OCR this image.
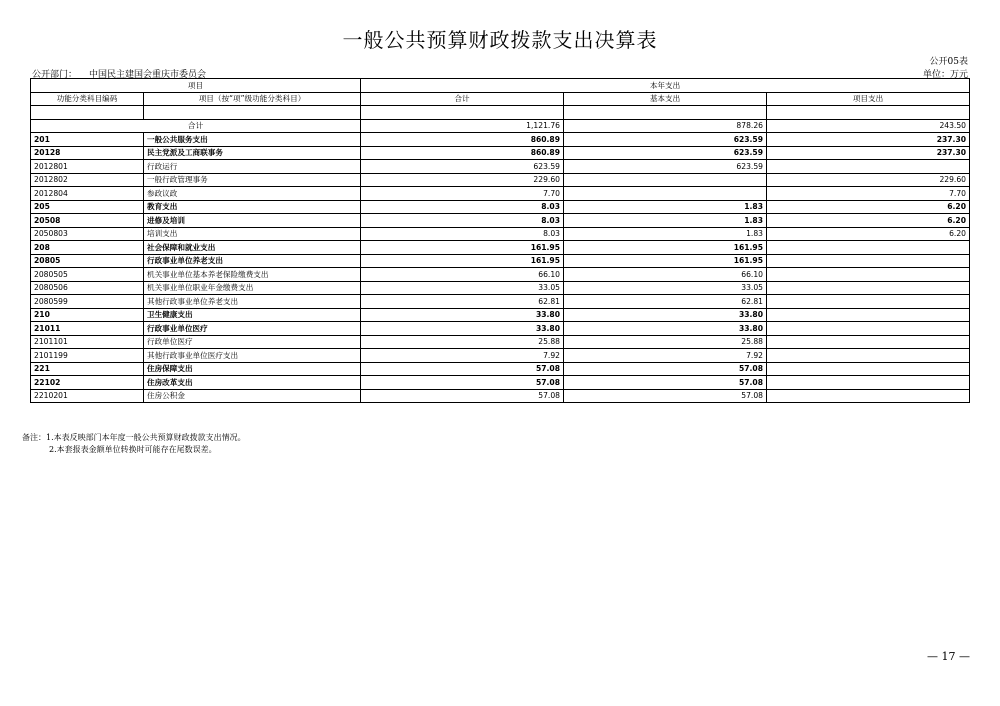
一般公共预算财政拨款支出决算表
公开05表
公开部门： 中国民主建国会重庆市委员会	单位：万元
项目		本年支出		
功能分类科目编码	项目（按“项”级功能分类科目）	合计	基本支出	项目支出

合计		1,121.76	878.26	243.50
201	一般公共服务支出	860.89	623.59	237.30
20128	民主党派及工商联事务	860.89	623.59	237.30
2012801	行政运行	623.59	623.59	
2012802	一般行政管理事务	229.60		229.60
2012804	参政议政	7.70		7.70
205	教育支出	8.03	1.83	6.20
20508	进修及培训	8.03	1.83	6.20
2050803	培训支出	8.03	1.83	6.20
208	社会保障和就业支出	161.95	161.95	
20805	行政事业单位养老支出	161.95	161.95	
2080505	机关事业单位基本养老保险缴费支出	66.10	66.10	
2080506	机关事业单位职业年金缴费支出	33.05	33.05	
2080599	其他行政事业单位养老支出	62.81	62.81	
210	卫生健康支出	33.80	33.80	
21011	行政事业单位医疗	33.80	33.80	
2101101	行政单位医疗	25.88	25.88	
2101199	其他行政事业单位医疗支出	7.92	7.92	
221	住房保障支出	57.08	57.08	
22102	住房改革支出	57.08	57.08	
2210201	住房公积金	57.08	57.08	
备注：1.本表反映部门本年度一般公共预算财政拨款支出情况。
2.本套报表金额单位转换时可能存在尾数误差。
— 17 —
